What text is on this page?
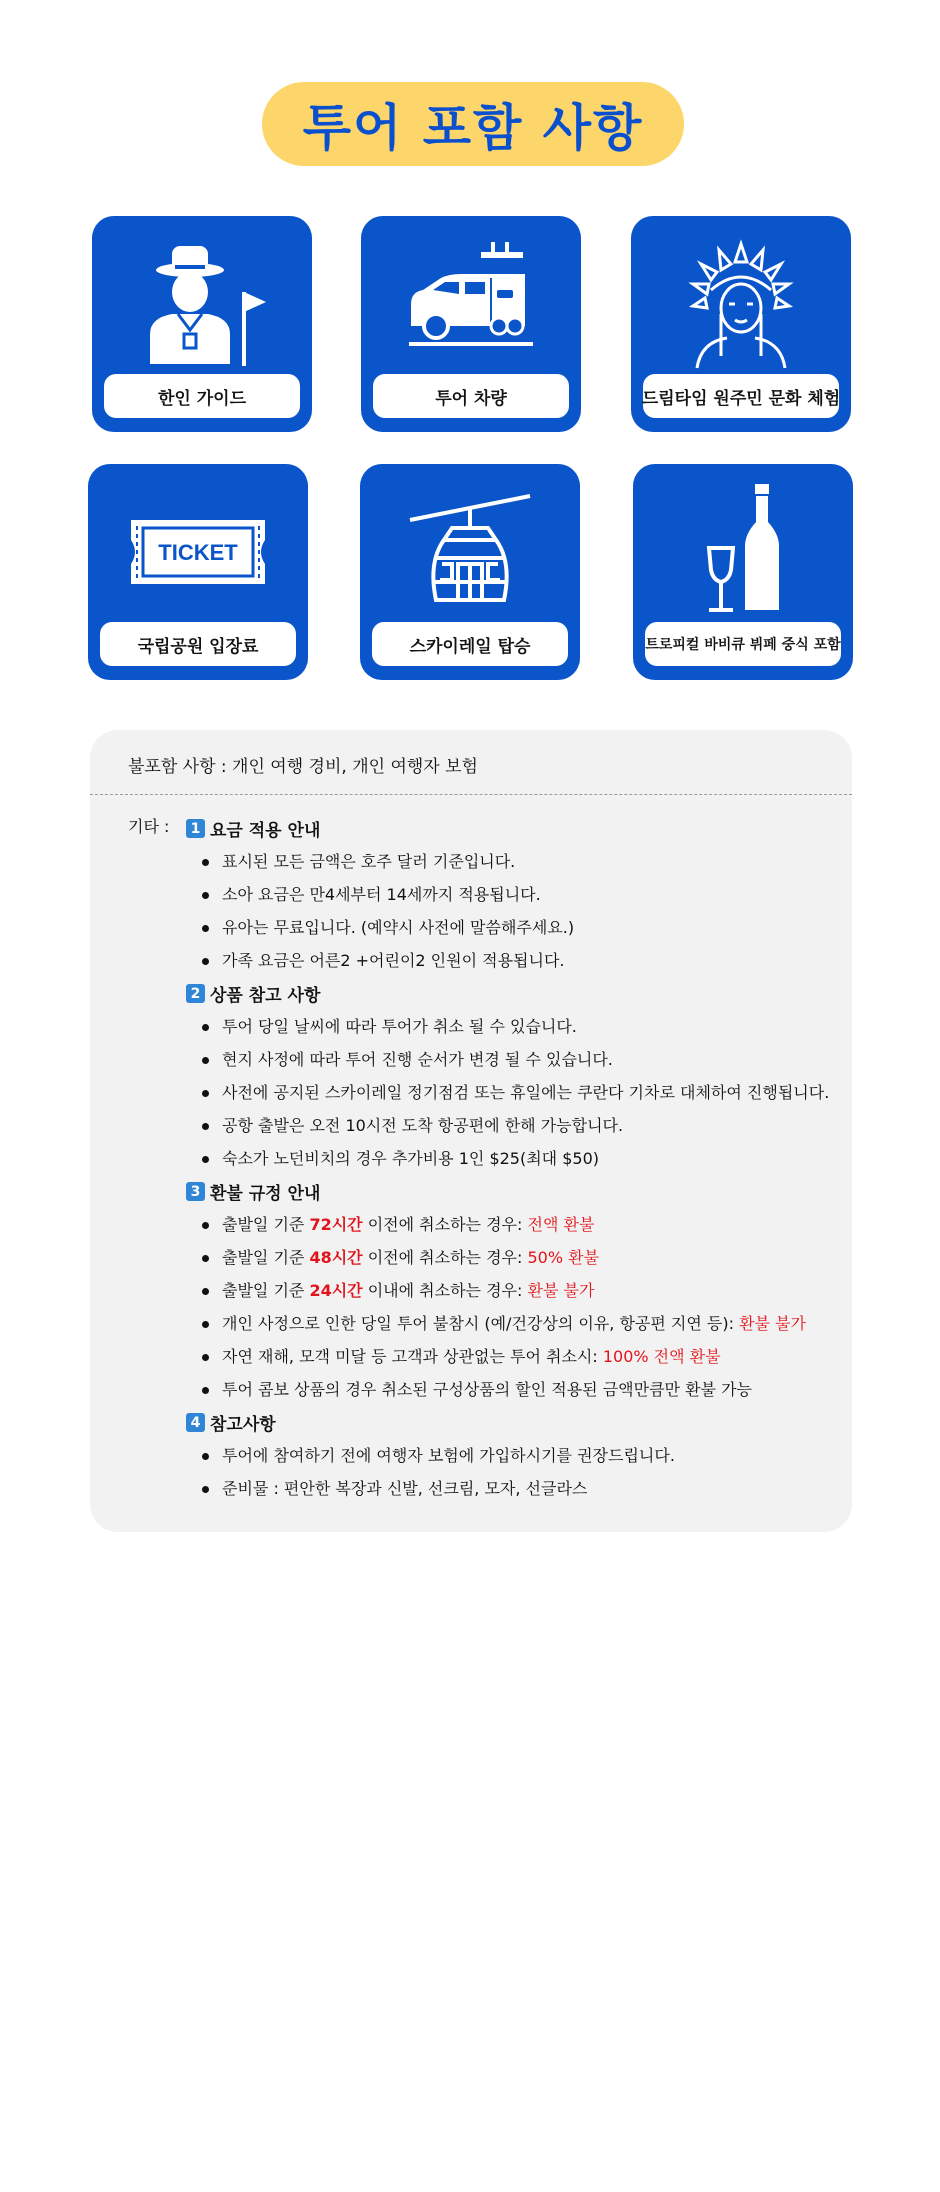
투어 포함 사항
한인 가이드	투어 차량	드림타임 원주민 문화 체험
TICKET
국립공원 입장료	스카이레일 탑승	트로피컬 바비큐 뷔페 중식 포함
불포함 사항 : 개인 여행 경비, 개인 여행자 보험
기타 :	1 요금 적용 안내
표시된 모든 금액은 호주 달러 기준입니다.
소아 요금은 만4세부터 14세까지 적용됩니다.
유아는 무료입니다. (예약시 사전에 말씀해주세요.)
가족 요금은 어른2 +어린이2 인원이 적용됩니다.
2 상품 참고 사항
투어 당일 날씨에 따라 투어가 취소 될 수 있습니다.
현지 사정에 따라 투어 진행 순서가 변경 될 수 있습니다.
사전에 공지된 스카이레일 정기점검 또는 휴일에는 쿠란다 기차로 대체하여 진행됩니다.
공항 출발은 오전 10시전 도착 항공편에 한해 가능합니다.
숙소가 노던비치의 경우 추가비용 1인 $25(최대 $50)
3 환불 규정 안내
출발일 기준 72시간 이전에 취소하는 경우: 전액 환불
출발일 기준 48시간 이전에 취소하는 경우: 50% 환불
출발일 기준 24시간 이내에 취소하는 경우: 환불 불가
개인 사정으로 인한 당일 투어 불참시 (예/건강상의 이유, 항공편 지연 등): 환불 불가
자연 재해, 모객 미달 등 고객과 상관없는 투어 취소시: 100% 전액 환불
투어 콤보 상품의 경우 취소된 구성상품의 할인 적용된 금액만큼만 환불 가능
4 참고사항
투어에 참여하기 전에 여행자 보험에 가입하시기를 권장드립니다.
준비물 : 편안한 복장과 신발, 선크림, 모자, 선글라스
